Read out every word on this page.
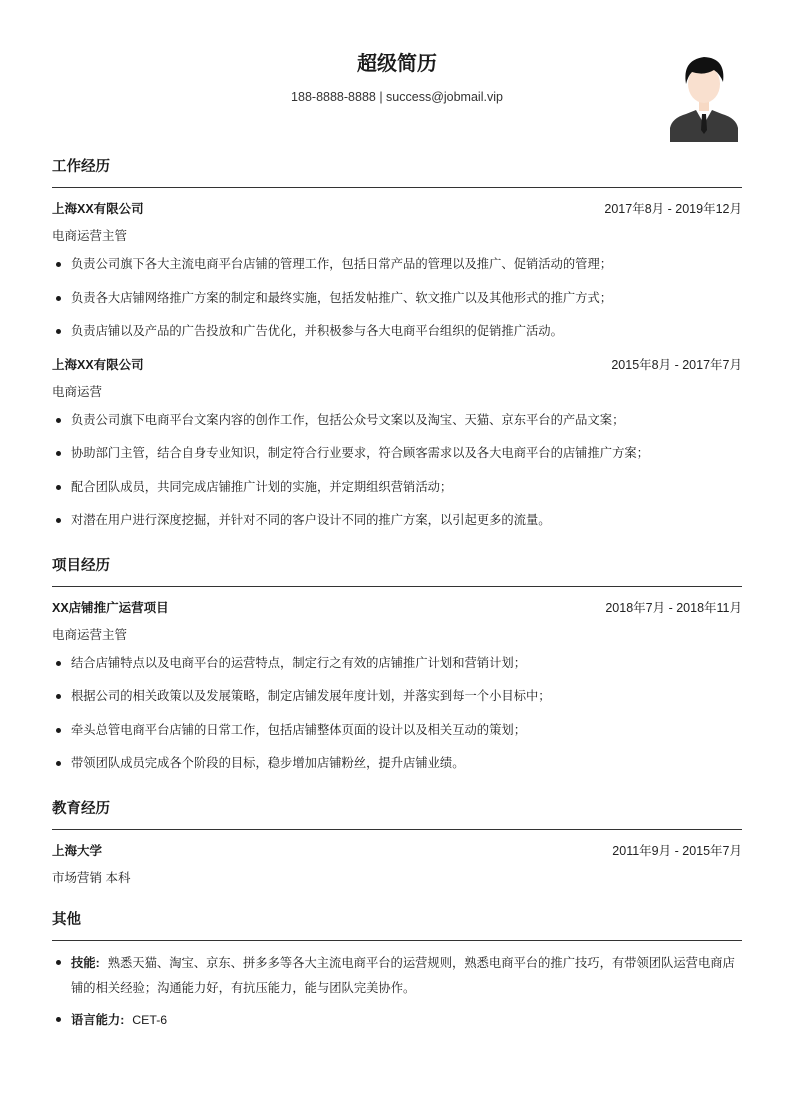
超级简历
188-8888-8888 | success@jobmail.vip
工作经历
上海XX有限公司	2017年8月 - 2019年12月
电商运营主管
负责公司旗下各大主流电商平台店铺的管理工作，包括日常产品的管理以及推广、促销活动的管理；
负责各大店铺网络推广方案的制定和最终实施，包括发帖推广、软文推广以及其他形式的推广方式；
负责店铺以及产品的广告投放和广告优化，并积极参与各大电商平台组织的促销推广活动。
上海XX有限公司	2015年8月 - 2017年7月
电商运营
负责公司旗下电商平台文案内容的创作工作，包括公众号文案以及淘宝、天猫、京东平台的产品文案；
协助部门主管，结合自身专业知识，制定符合行业要求，符合顾客需求以及各大电商平台的店铺推广方案；
配合团队成员，共同完成店铺推广计划的实施，并定期组织营销活动；
对潜在用户进行深度挖掘，并针对不同的客户设计不同的推广方案，以引起更多的流量。
项目经历
XX店铺推广运营项目	2018年7月 - 2018年11月
电商运营主管
结合店铺特点以及电商平台的运营特点，制定行之有效的店铺推广计划和营销计划；
根据公司的相关政策以及发展策略，制定店铺发展年度计划，并落实到每一个小目标中；
牵头总管电商平台店铺的日常工作，包括店铺整体页面的设计以及相关互动的策划；
带领团队成员完成各个阶段的目标，稳步增加店铺粉丝，提升店铺业绩。
教育经历
上海大学	2011年9月 - 2015年7月
市场营销 本科
其他
技能: 熟悉天猫、淘宝、京东、拼多多等各大主流电商平台的运营规则，熟悉电商平台的推广技巧，有带领团队运营电商店铺的相关经验；沟通能力好，有抗压能力，能与团队完美协作。
语言能力: CET-6
